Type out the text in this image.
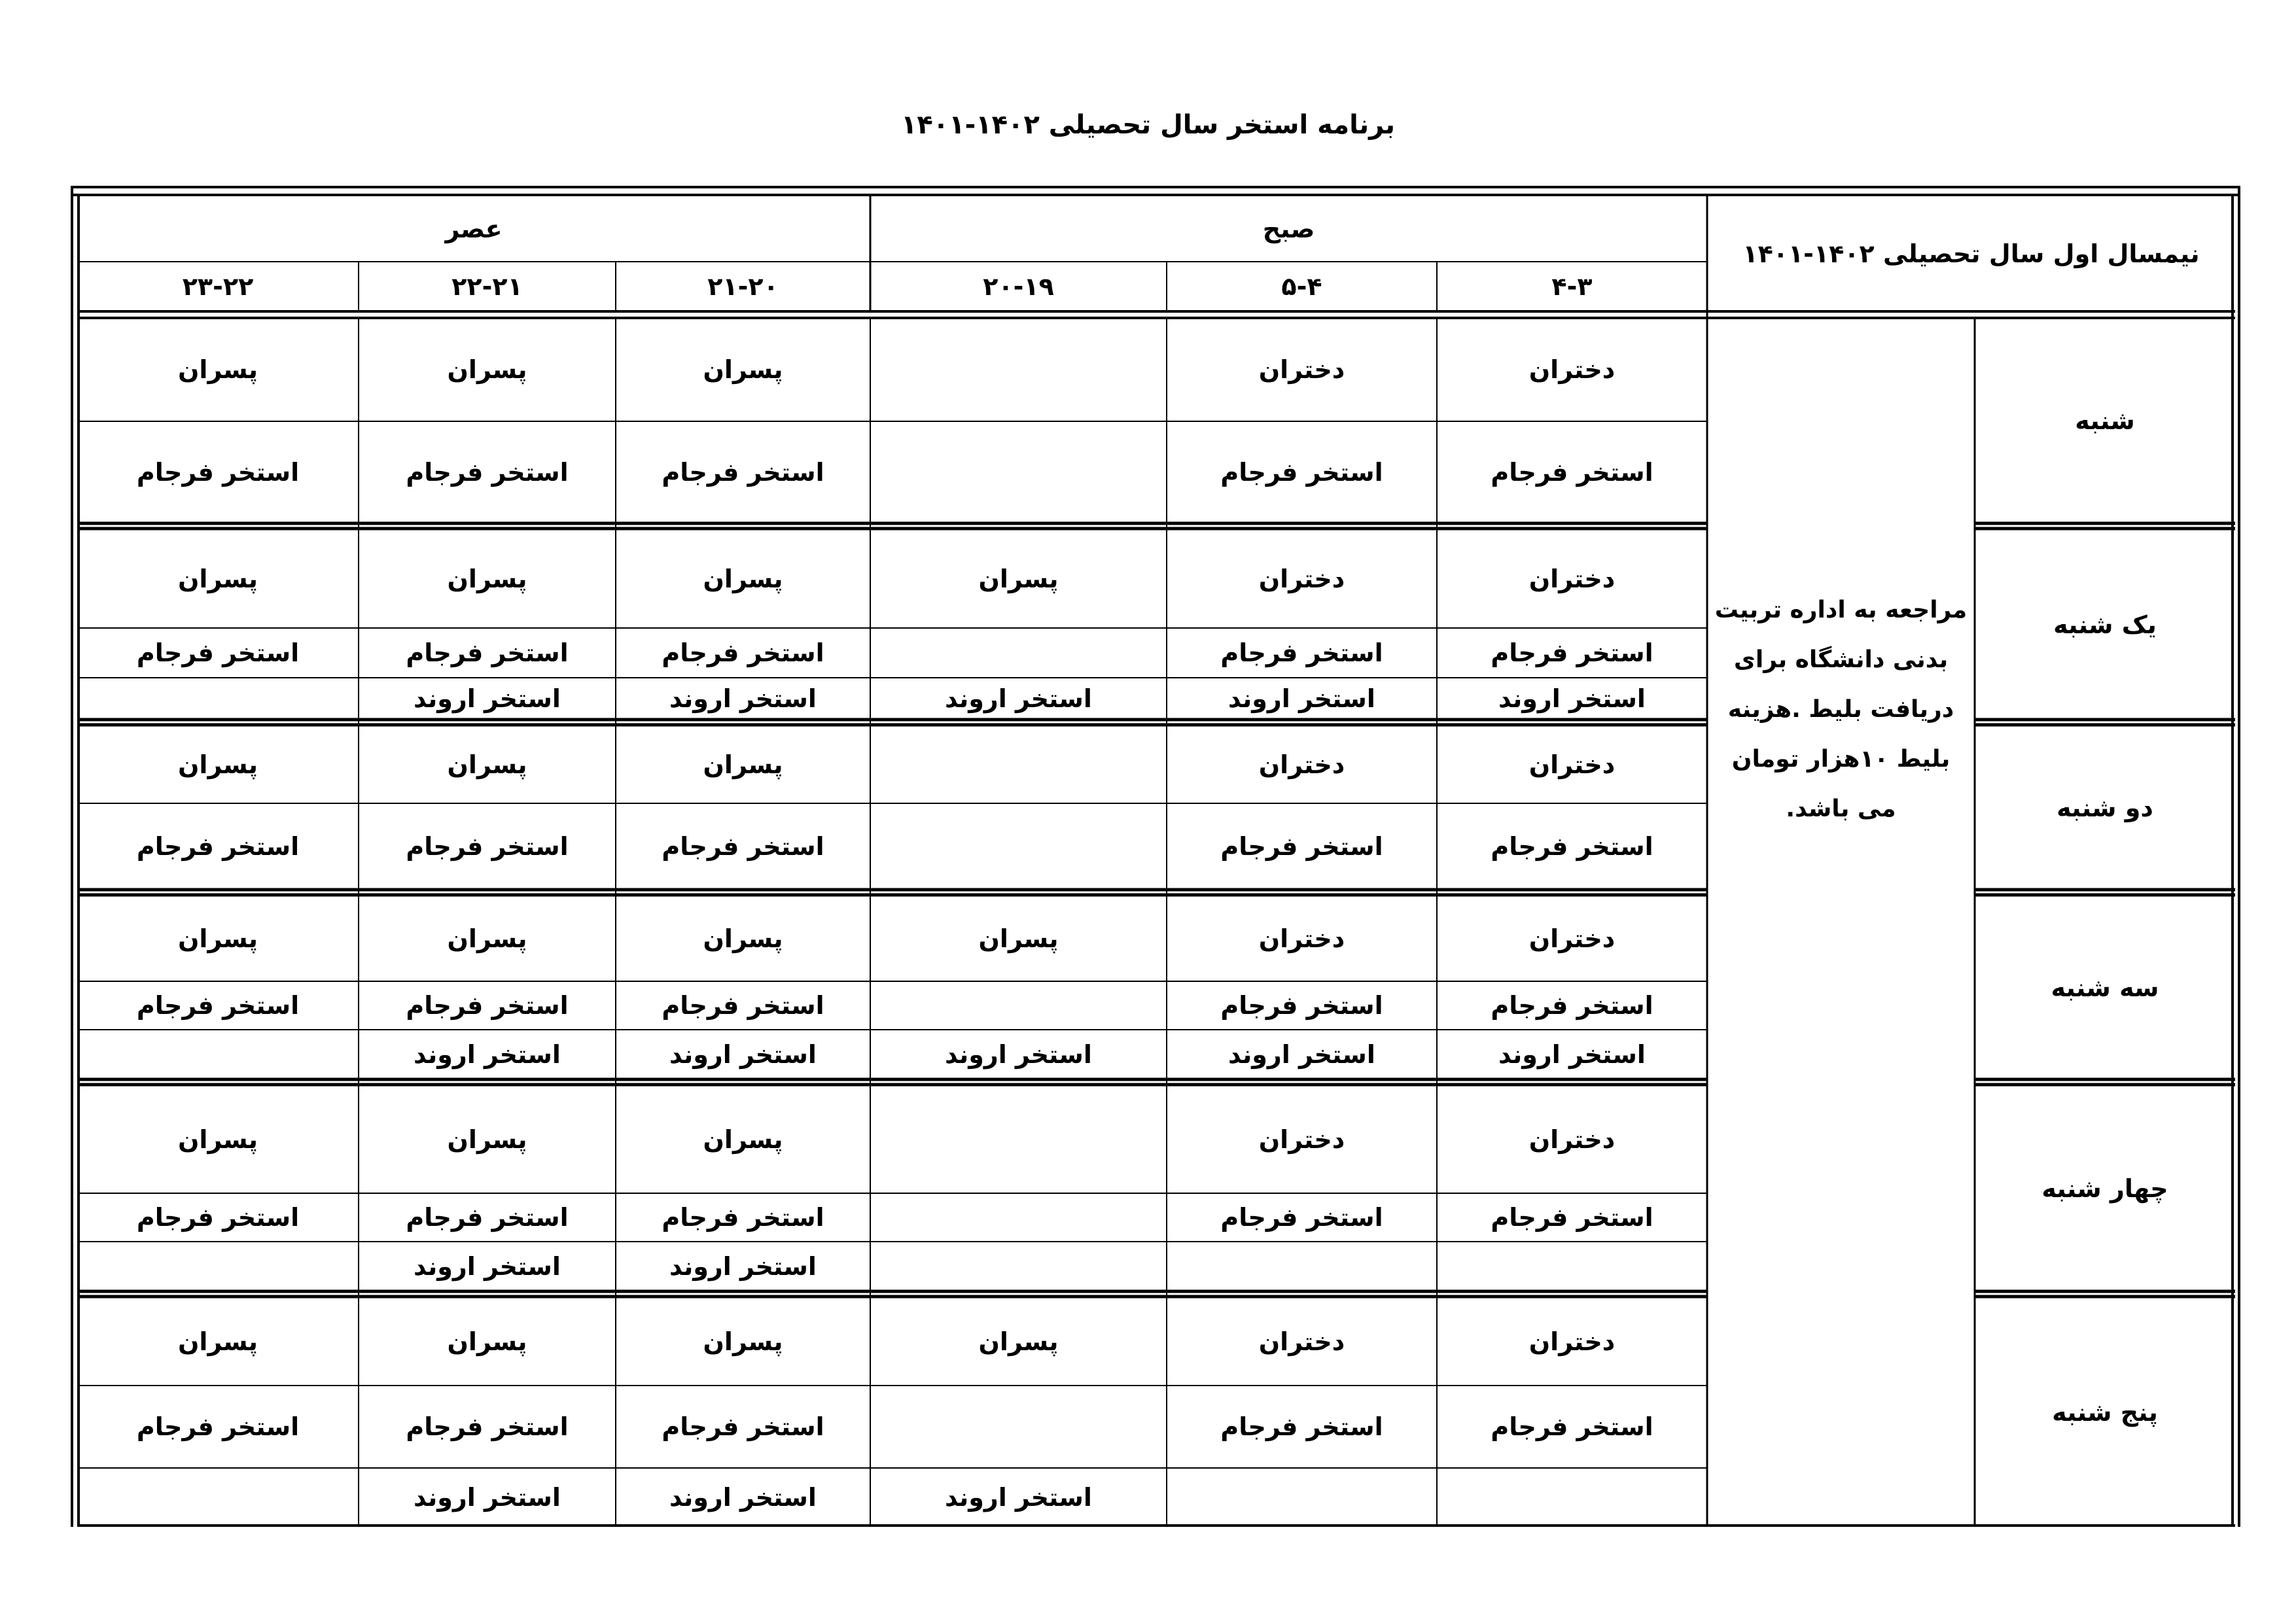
برنامه استخر سال تحصیلی ۱۴۰۲-۱۴۰۱
نیمسال اول سال تحصیلی ۱۴۰۲-۱۴۰۱
صبح
عصر
۴-۳
۵-۴
۲۰-۱۹
۲۱-۲۰
۲۲-۲۱
۲۳-۲۲
مراجعه به اداره تربیت بدنی دانشگاه برای دریافت بلیط .هزینه بلیط ۱۰هزار تومان می باشد.
شنبه
دختران
استخر فرجام
دختران
استخر فرجام
پسران
استخر فرجام
پسران
استخر فرجام
پسران
استخر فرجام
یک شنبه
دختران
استخر فرجام
استخر اروند
دختران
استخر فرجام
استخر اروند
پسران
استخر اروند
پسران
استخر فرجام
استخر اروند
پسران
استخر فرجام
استخر اروند
پسران
استخر فرجام
دو شنبه
دختران
استخر فرجام
دختران
استخر فرجام
پسران
استخر فرجام
پسران
استخر فرجام
پسران
استخر فرجام
سه شنبه
دختران
استخر فرجام
استخر اروند
دختران
استخر فرجام
استخر اروند
پسران
استخر اروند
پسران
استخر فرجام
استخر اروند
پسران
استخر فرجام
استخر اروند
پسران
استخر فرجام
چهار شنبه
دختران
استخر فرجام
دختران
استخر فرجام
پسران
استخر فرجام
استخر اروند
پسران
استخر فرجام
استخر اروند
پسران
استخر فرجام
پنج شنبه
دختران
استخر فرجام
دختران
استخر فرجام
پسران
استخر اروند
پسران
استخر فرجام
استخر اروند
پسران
استخر فرجام
استخر اروند
پسران
استخر فرجام
